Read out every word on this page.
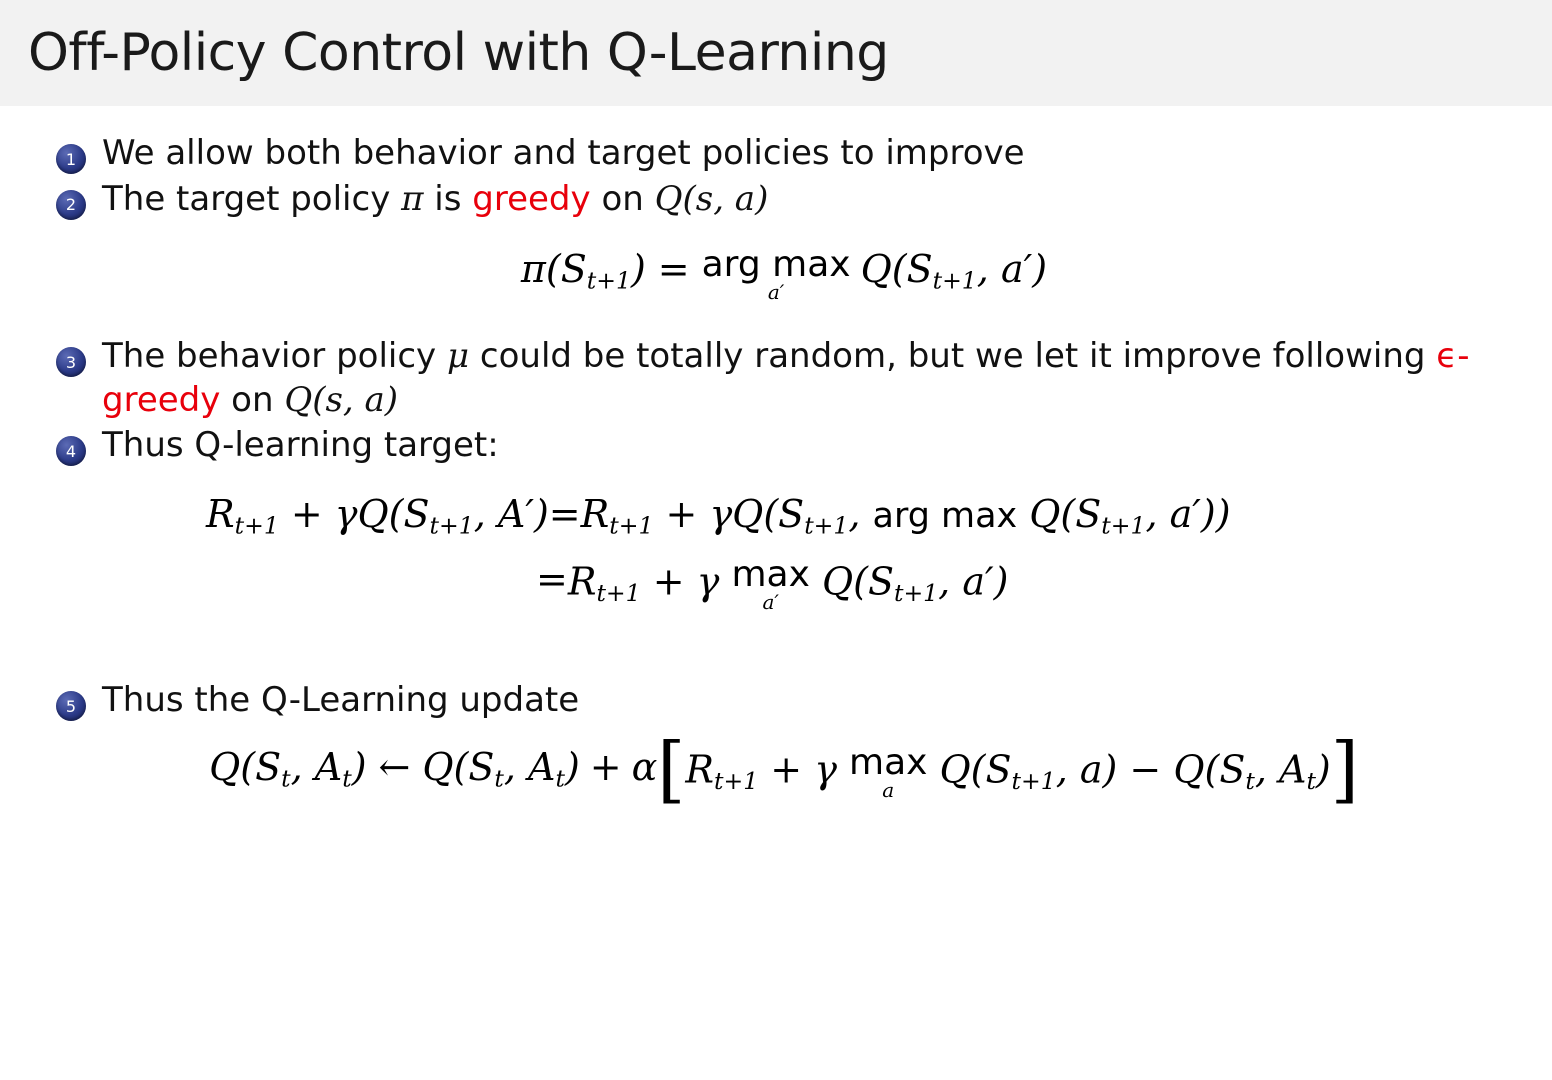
Off-Policy Control with Q-Learning
1 We allow both behavior and target policies to improve
2 The target policy π is greedy on Q(s, a)
$\pi(S_{t+1})$ = arg max
a′
$Q(S_{t+1}$, a′)
3 The behavior policy μ could be totally random, but we let it improve following ϵ-greedy on Q(s, a)
4 Thus Q-learning target:
$R_{t+1} + \gamma Q(S_{t+1}$, $A') = R_{t+1} + \gamma Q(S_{t+1}$, arg $\max Q(S_{t+1}$, a′))

= $R_{t+1} + \gamma$ max
a′ $Q(S_{t+1}$, a′)
5 Thus the Q-Learning update
$Q(S_t$, $A_t$) ← $Q(S_t$, $A_t) + \alpha$ [ $R_{t+1} + \gamma$ max
a $Q(S_{t+1}$, $a) - Q(S_t$, $A_t$) ]
